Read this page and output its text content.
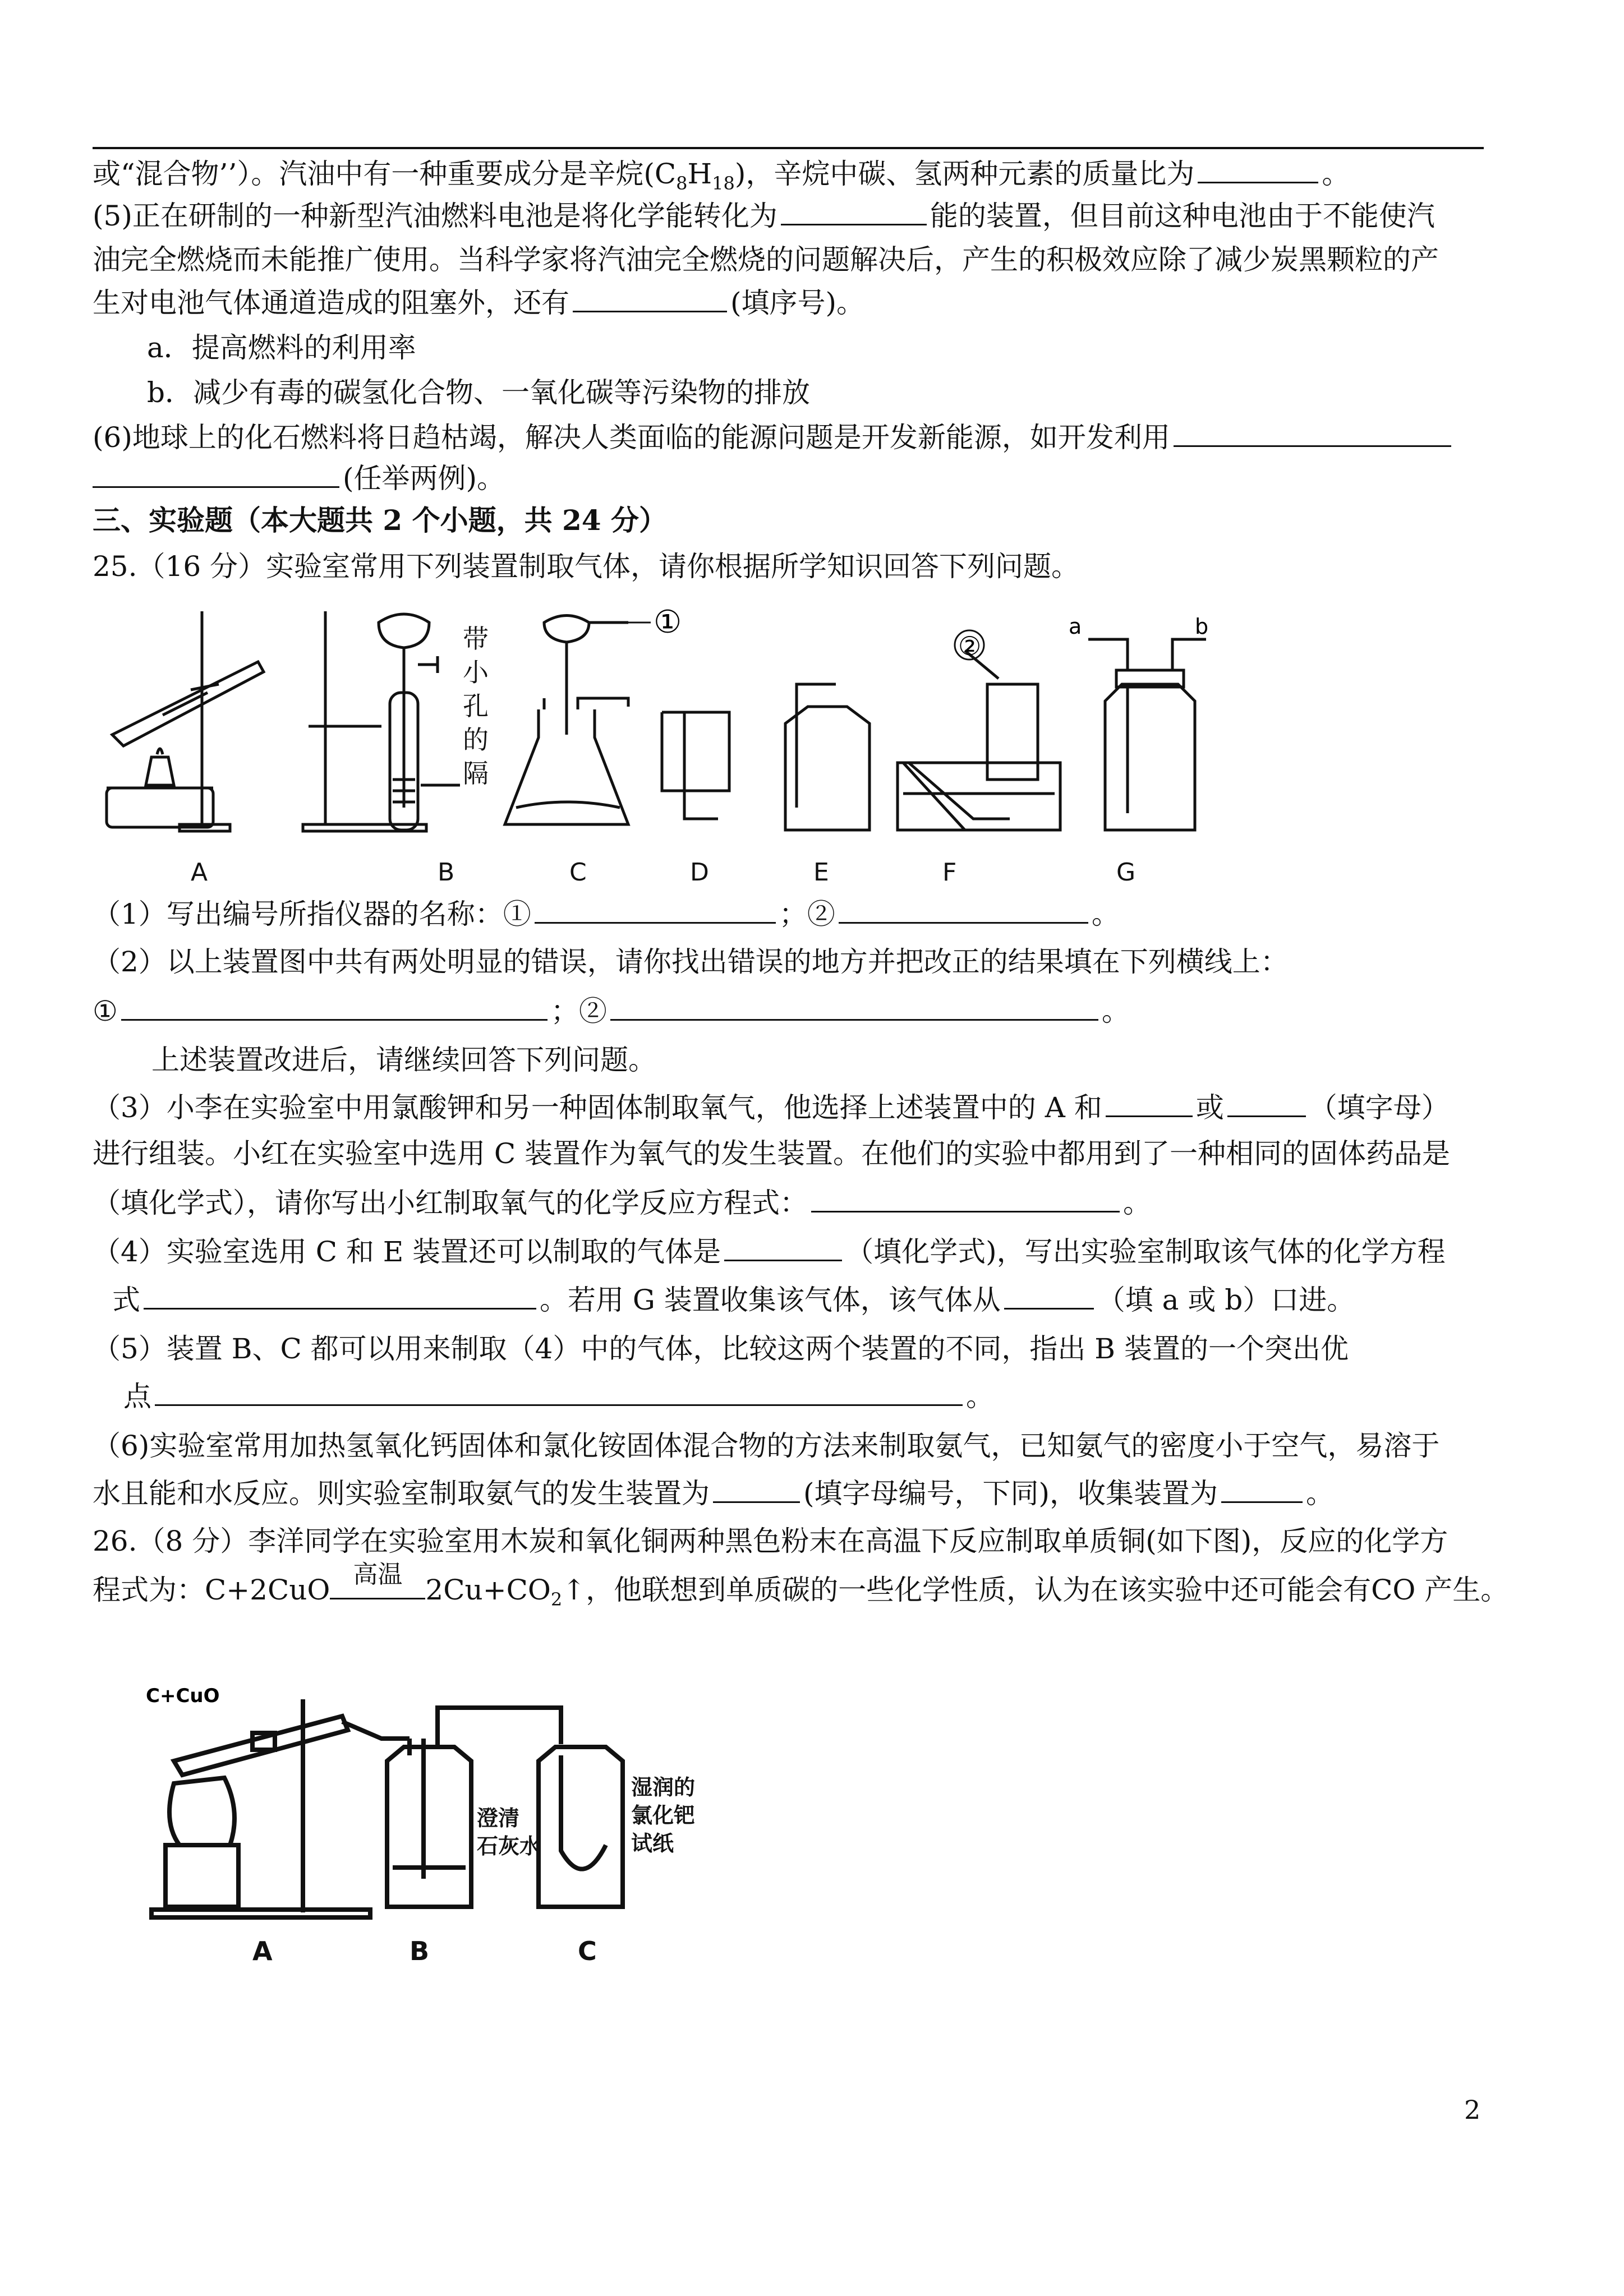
或“混合物’’）。汽油中有一种重要成分是辛烷$(C_8H_{18})$，辛烷中碳、氢两种元素的质量比为	。
(5)正在研制的一种新型汽油燃料电池是将化学能转化为	能的装置，但目前这种电池由于不能使汽
油完全燃烧而未能推广使用。当科学家将汽油完全燃烧的问题解决后，产生的积极效应除了减少炭黑颗粒的产
生对电池气体通道造成的阻塞外，还有	(填序号)。
a．提高燃料的利用率
b．减少有毒的碳氢化合物、一氧化碳等污染物的排放
(6)地球上的化石燃料将日趋枯竭，解决人类面临的能源问题是开发新能源，如开发利用
(任举两例)。
三、实验题（本大题共 2 个小题，共 24 分）
25.（16 分）实验室常用下列装置制取气体，请你根据所学知识回答下列问题。
①
②
a	b
带
小
孔
的
隔
A	B	C	D	E	F	G
（1）写出编号所指仪器的名称：①	；②	。
（2）以上装置图中共有两处明显的错误，请你找出错误的地方并把改正的结果填在下列横线上：
①	；②	。
上述装置改进后，请继续回答下列问题。
（3）小李在实验室中用氯酸钾和另一种固体制取氧气，他选择上述装置中的 A 和	或	（填字母）
进行组装。小红在实验室中选用 C 装置作为氧气的发生装置。在他们的实验中都用到了一种相同的固体药品是
（填化学式），请你写出小红制取氧气的化学反应方程式：	。
（4）实验室选用 C 和 E 装置还可以制取的气体是	（填化学式)，写出实验室制取该气体的化学方程
式	。若用 G 装置收集该气体，该气体从	（填 a 或 b）口进。
（5）装置 B、C 都可以用来制取（4）中的气体，比较这两个装置的不同，指出 B 装置的一个突出优
点	。
（6)实验室常用加热氢氧化钙固体和氯化铵固体混合物的方法来制取氨气，已知氨气的密度小于空气，易溶于
水且能和水反应。则实验室制取氨气的发生装置为	(填字母编号，下同)，收集装置为	。
26.（8 分）李洋同学在实验室用木炭和氧化铜两种黑色粉末在高温下反应制取单质铜(如下图)，反应的化学方
程式为：C+2CuO 高温 $2Cu+CO_2↑$，他联想到单质碳的一些化学性质，认为在该实验中还可能会有CO 产生。
C+CuO
澄清
石灰水
湿润的
氯化钯
试纸
A	B	C
2
